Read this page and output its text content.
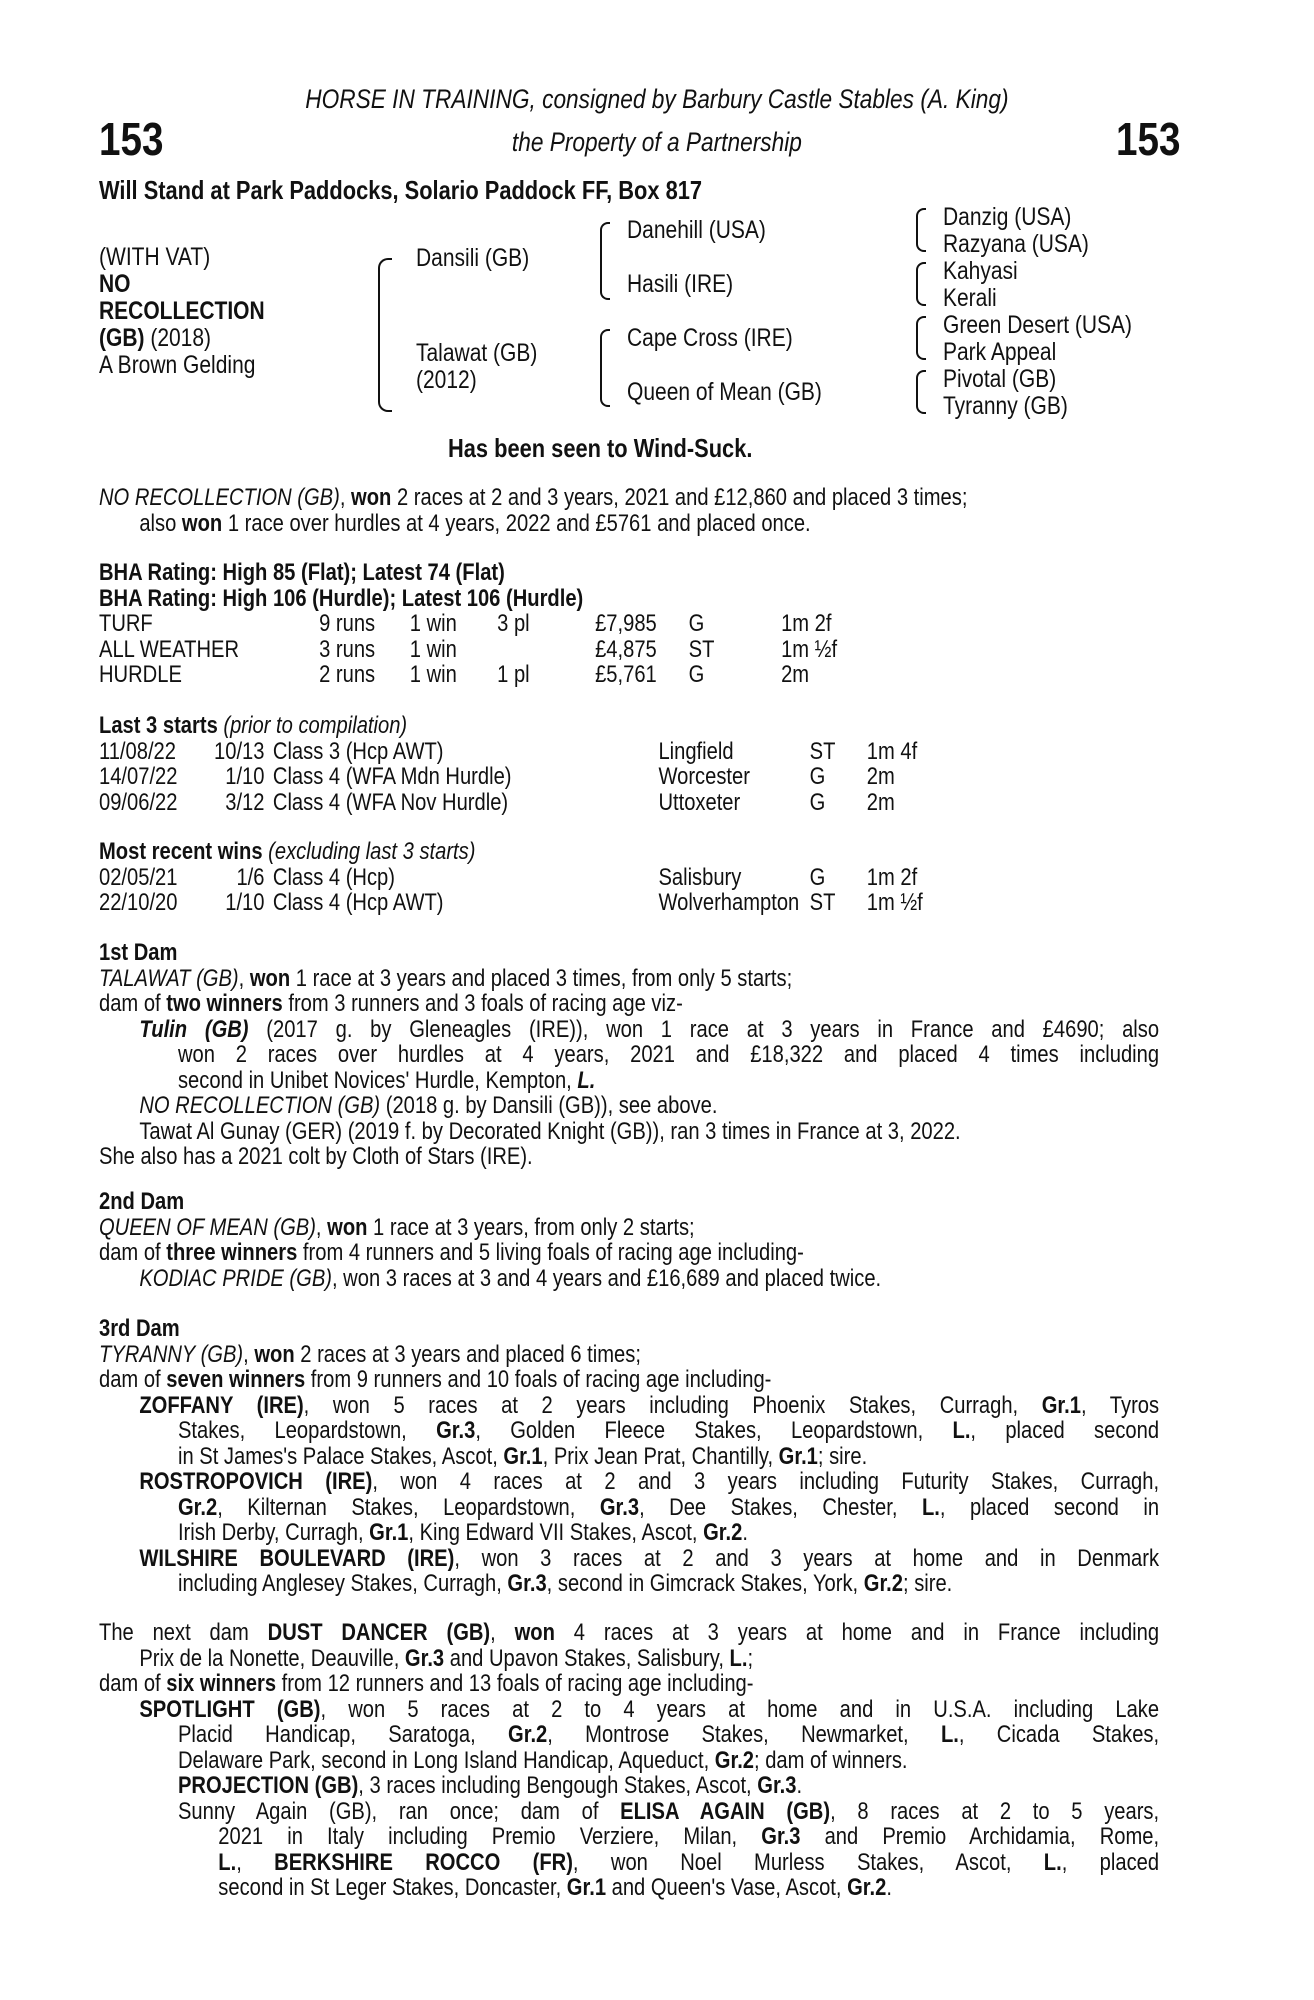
HORSE IN TRAINING, consigned by Barbury Castle Stables (A. King)
the Property of a Partnership
153	153
Will Stand at Park Paddocks, Solario Paddock FF, Box 817
(WITH VAT)
NO
RECOLLECTION
(GB) (2018)
A Brown Gelding
Dansili (GB)
Talawat (GB)
(2012)
Danehill (USA)
Hasili (IRE)
Cape Cross (IRE)
Queen of Mean (GB)
Danzig (USA)
Razyana (USA)
Kahyasi
Kerali
Green Desert (USA)
Park Appeal
Pivotal (GB)
Tyranny (GB)
Has been seen to Wind-Suck.
NO RECOLLECTION (GB), won 2 races at 2 and 3 years, 2021 and £12,860 and placed 3 times;
also won 1 race over hurdles at 4 years, 2022 and £5761 and placed once.
BHA Rating: High 85 (Flat); Latest 74 (Flat)
BHA Rating: High 106 (Hurdle); Latest 106 (Hurdle)
TURF	9 runs 1 win 3 pl	£7,985 G	1m 2f
ALL WEATHER	3 runs 1 win	£4,875 ST	1m ½f
HURDLE	2 runs 1 win 1 pl	£5,761 G	2m
Last 3 starts (prior to compilation)
11/08/22 10/13 Class 3 (Hcp AWT)	Lingfield	ST 1m 4f
14/07/22 1/10 Class 4 (WFA Mdn Hurdle)	Worcester G 2m
09/06/22 3/12 Class 4 (WFA Nov Hurdle)	Uttoxeter	G 2m
Most recent wins (excluding last 3 starts)
02/05/21 1/6 Class 4 (Hcp)	Salisbury	G 1m 2f
22/10/20 1/10 Class 4 (Hcp AWT)	Wolverhampton ST 1m ½f
1st Dam
TALAWAT (GB), won 1 race at 3 years and placed 3 times, from only 5 starts;
dam of two winners from 3 runners and 3 foals of racing age viz-
Tulin (GB) (2017 g. by Gleneagles (IRE)), won 1 race at 3 years in France and £4690; also
won 2 races over hurdles at 4 years, 2021 and £18,322 and placed 4 times including
second in Unibet Novices' Hurdle, Kempton, L.
NO RECOLLECTION (GB) (2018 g. by Dansili (GB)), see above.
Tawat Al Gunay (GER) (2019 f. by Decorated Knight (GB)), ran 3 times in France at 3, 2022.
She also has a 2021 colt by Cloth of Stars (IRE).
2nd Dam
QUEEN OF MEAN (GB), won 1 race at 3 years, from only 2 starts;
dam of three winners from 4 runners and 5 living foals of racing age including-
KODIAC PRIDE (GB), won 3 races at 3 and 4 years and £16,689 and placed twice.
3rd Dam
TYRANNY (GB), won 2 races at 3 years and placed 6 times;
dam of seven winners from 9 runners and 10 foals of racing age including-
ZOFFANY (IRE), won 5 races at 2 years including Phoenix Stakes, Curragh, Gr.1, Tyros
Stakes, Leopardstown, Gr.3, Golden Fleece Stakes, Leopardstown, L., placed second
in St James's Palace Stakes, Ascot, Gr.1, Prix Jean Prat, Chantilly, Gr.1; sire.
ROSTROPOVICH (IRE), won 4 races at 2 and 3 years including Futurity Stakes, Curragh,
Gr.2, Kilternan Stakes, Leopardstown, Gr.3, Dee Stakes, Chester, L., placed second in
Irish Derby, Curragh, Gr.1, King Edward VII Stakes, Ascot, Gr.2.
WILSHIRE BOULEVARD (IRE), won 3 races at 2 and 3 years at home and in Denmark
including Anglesey Stakes, Curragh, Gr.3, second in Gimcrack Stakes, York, Gr.2; sire.
The next dam DUST DANCER (GB), won 4 races at 3 years at home and in France including
Prix de la Nonette, Deauville, Gr.3 and Upavon Stakes, Salisbury, L.;
dam of six winners from 12 runners and 13 foals of racing age including-
SPOTLIGHT (GB), won 5 races at 2 to 4 years at home and in U.S.A. including Lake
Placid Handicap, Saratoga, Gr.2, Montrose Stakes, Newmarket, L., Cicada Stakes,
Delaware Park, second in Long Island Handicap, Aqueduct, Gr.2; dam of winners.
PROJECTION (GB), 3 races including Bengough Stakes, Ascot, Gr.3.
Sunny Again (GB), ran once; dam of ELISA AGAIN (GB), 8 races at 2 to 5 years,
2021 in Italy including Premio Verziere, Milan, Gr.3 and Premio Archidamia, Rome,
L., BERKSHIRE ROCCO (FR), won Noel Murless Stakes, Ascot, L., placed
second in St Leger Stakes, Doncaster, Gr.1 and Queen's Vase, Ascot, Gr.2.
